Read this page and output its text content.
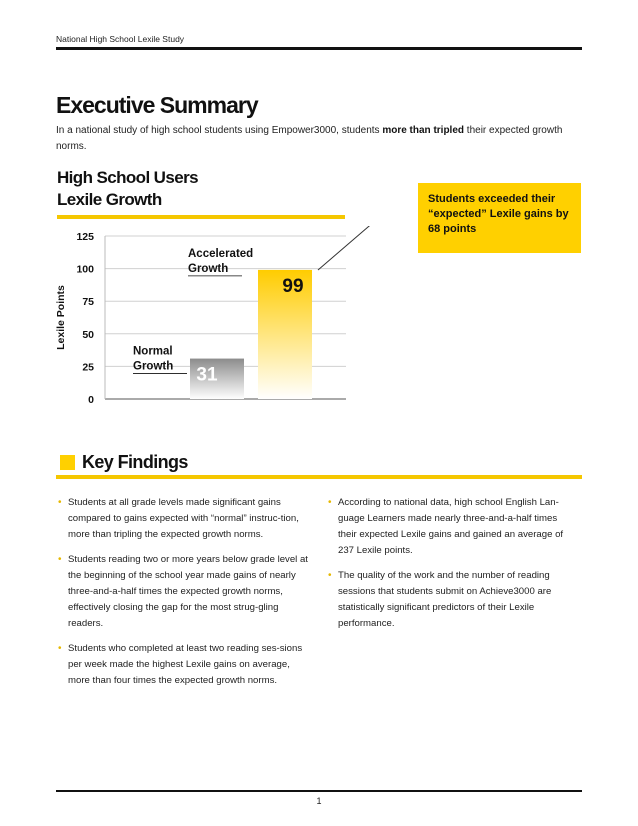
National High School Lexile Study
Executive Summary

In a national study of high school students using Empower3000, students more than tripled their expected growth norms.

High School Users
Lexile Growth	Students exceeded their “expected” Lexile gains by 68 points
0
25
50
75
100
125
Lexile Points
31
Normal
Growth
99
Accelerated
Growth
Key Findings
• Students at all grade levels made significant gains compared to gains expected with “normal” instruc-tion, more than tripling the expected growth norms.
• Students reading two or more years below grade level at the beginning of the school year made gains of nearly three-and-a-half times the expected growth norms, effectively closing the gap for the most strug-gling readers.
• Students who completed at least two reading ses-sions per week made the highest Lexile gains on average, more than four times the expected growth norms.
• According to national data, high school English Lan-guage Learners made nearly three-and-a-half times their expected Lexile gains and gained an average of 237 Lexile points.
• The quality of the work and the number of reading sessions that students submit on Achieve3000 are statistically significant predictors of their Lexile performance.
1
